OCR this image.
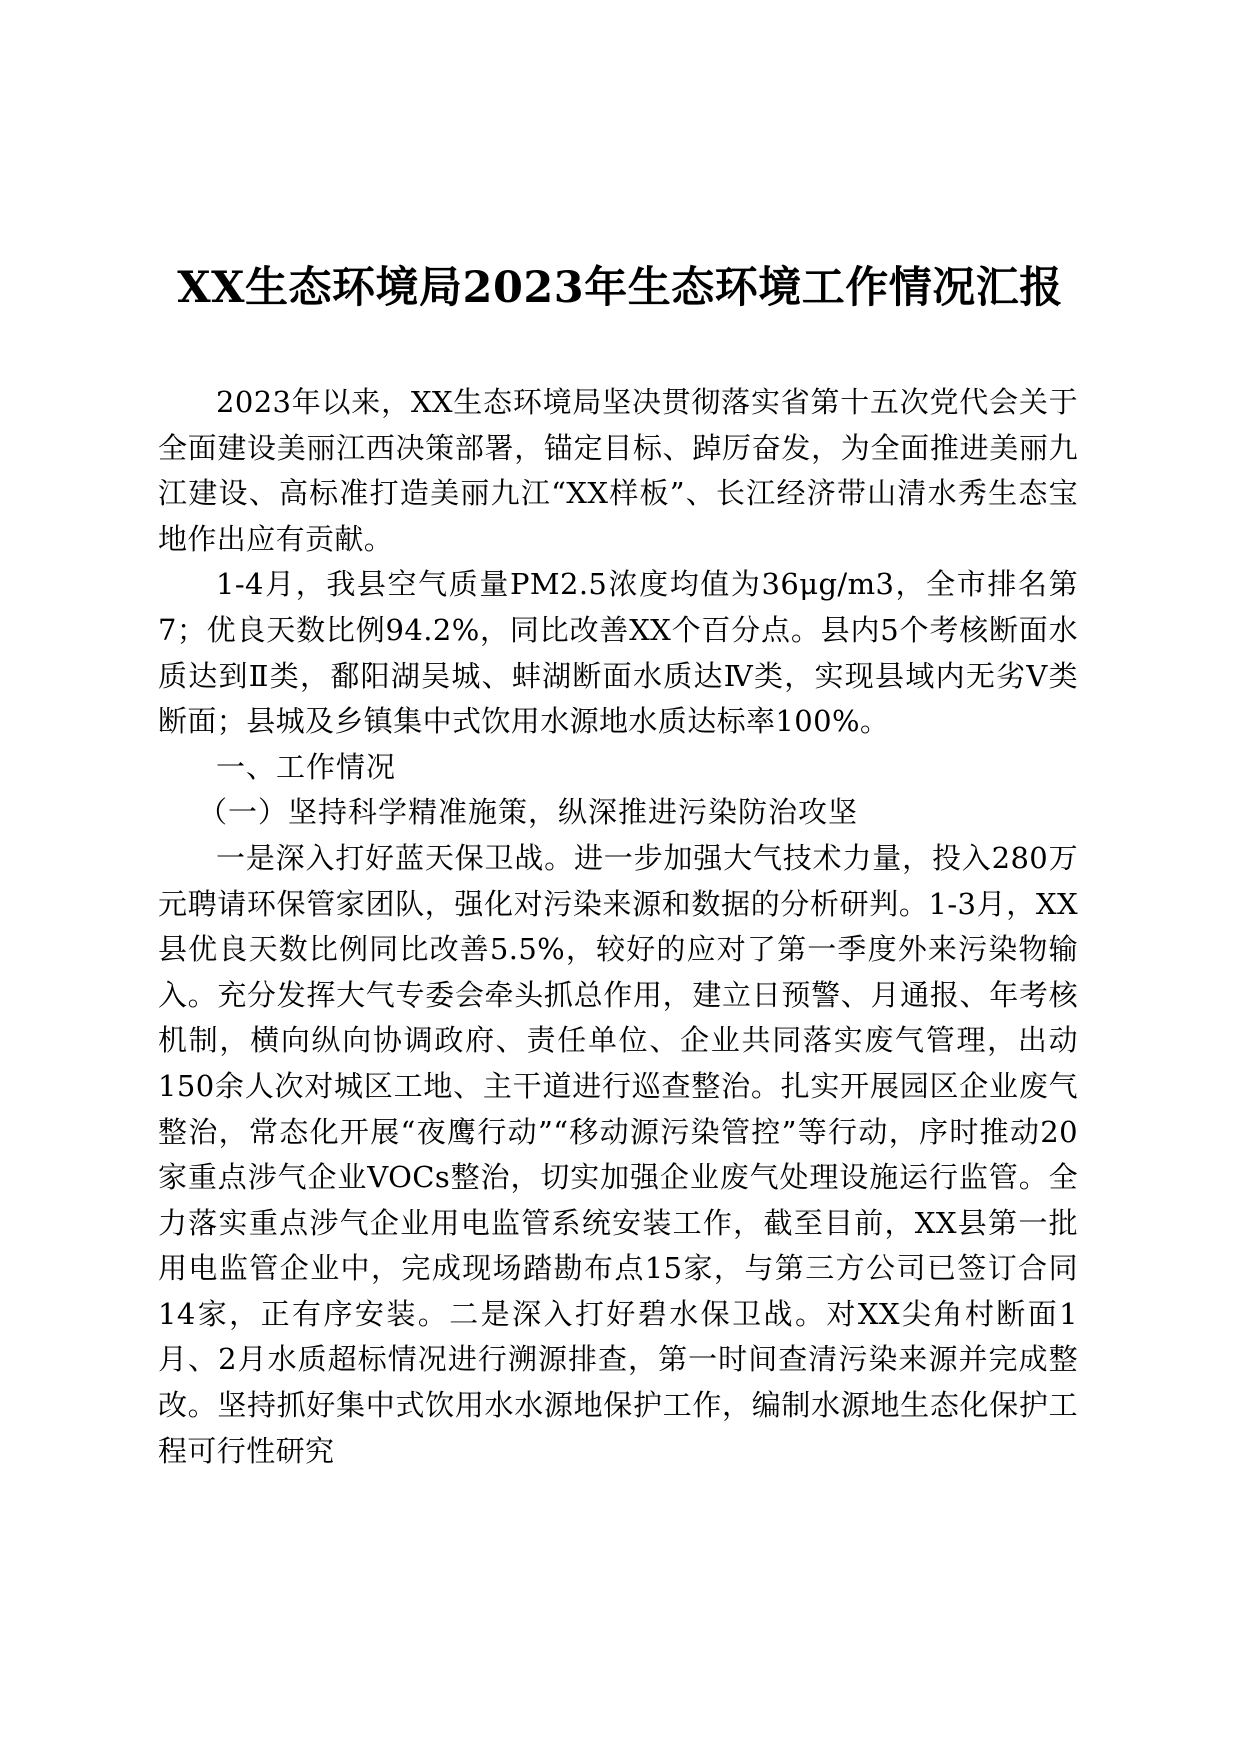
XX生态环境局2023年生态环境工作情况汇报

2023年以来，XX生态环境局坚决贯彻落实省第十五次党代会关于全面建设美丽江西决策部署，锚定目标、踔厉奋发，为全面推进美丽九江建设、高标准打造美丽九江“XX样板”、长江经济带山清水秀生态宝地作出应有贡献。

1-4月，我县空气质量PM2.5浓度均值为36μg/m3，全市排名第7；优良天数比例94.2%，同比改善XX个百分点。县内5个考核断面水质达到Ⅱ类，鄱阳湖吴城、蚌湖断面水质达Ⅳ类，实现县域内无劣Ⅴ类断面；县城及乡镇集中式饮用水源地水质达标率100%。

一、工作情况

（一）坚持科学精准施策，纵深推进污染防治攻坚

一是深入打好蓝天保卫战。进一步加强大气技术力量，投入280万元聘请环保管家团队，强化对污染来源和数据的分析研判。1-3月，XX县优良天数比例同比改善5.5%，较好的应对了第一季度外来污染物输入。充分发挥大气专委会牵头抓总作用，建立日预警、月通报、年考核机制，横向纵向协调政府、责任单位、企业共同落实废气管理，出动150余人次对城区工地、主干道进行巡查整治。扎实开展园区企业废气整治，常态化开展“夜鹰行动”“移动源污染管控”等行动，序时推动20家重点涉气企业VOCs整治，切实加强企业废气处理设施运行监管。全力落实重点涉气企业用电监管系统安装工作，截至目前，XX县第一批用电监管企业中，完成现场踏勘布点15家，与第三方公司已签订合同14家，正有序安装。二是深入打好碧水保卫战。对XX尖角村断面1月、2月水质超标情况进行溯源排查，第一时间查清污染来源并完成整改。坚持抓好集中式饮用水水源地保护工作，编制水源地生态化保护工程可行性研究
